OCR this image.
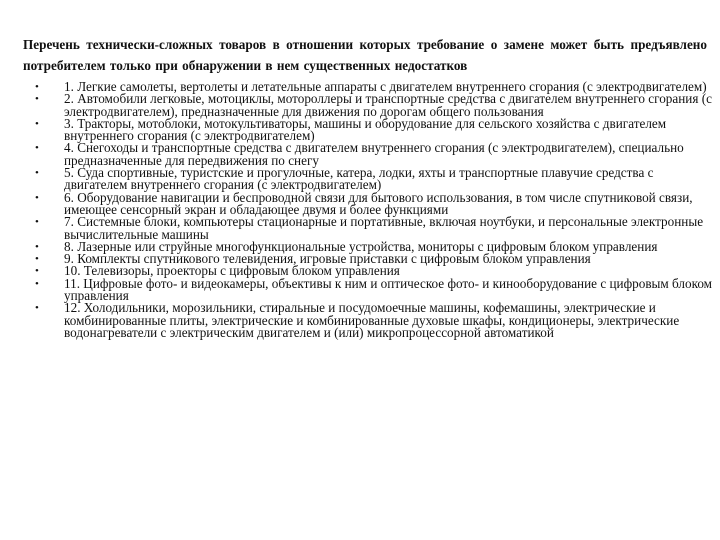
Перечень технически-сложных товаров в отношении которых требование о замене может быть предъявлено потребителем только при обнаружении в нем существенных недостатков

• 1. Легкие самолеты, вертолеты и летательные аппараты с двигателем внутреннего сгорания (с электродвигателем)
• 2. Автомобили легковые, мотоциклы, мотороллеры и транспортные средства с двигателем внутреннего сгорания (с электродвигателем), предназначенные для движения по дорогам общего пользования
• 3. Тракторы, мотоблоки, мотокультиваторы, машины и оборудование для сельского хозяйства с двигателем внутреннего сгорания (с электродвигателем)
• 4. Снегоходы и транспортные средства с двигателем внутреннего сгорания (с электродвигателем), специально предназначенные для передвижения по снегу
• 5. Суда спортивные, туристские и прогулочные, катера, лодки, яхты и транспортные плавучие средства с двигателем внутреннего сгорания (с электродвигателем)
• 6. Оборудование навигации и беспроводной связи для бытового использования, в том числе спутниковой связи, имеющее сенсорный экран и обладающее двумя и более функциями
• 7. Системные блоки, компьютеры стационарные и портативные, включая ноутбуки, и персональные электронные вычислительные машины
• 8. Лазерные или струйные многофункциональные устройства, мониторы с цифровым блоком управления
• 9. Комплекты спутникового телевидения, игровые приставки с цифровым блоком управления
• 10. Телевизоры, проекторы с цифровым блоком управления
• 11. Цифровые фото- и видеокамеры, объективы к ним и оптическое фото- и кинооборудование с цифровым блоком управления
• 12. Холодильники, морозильники, стиральные и посудомоечные машины, кофемашины, электрические и комбинированные плиты, электрические и комбинированные духовые шкафы, кондиционеры, электрические водонагреватели с электрическим двигателем и (или) микропроцессорной автоматикой
